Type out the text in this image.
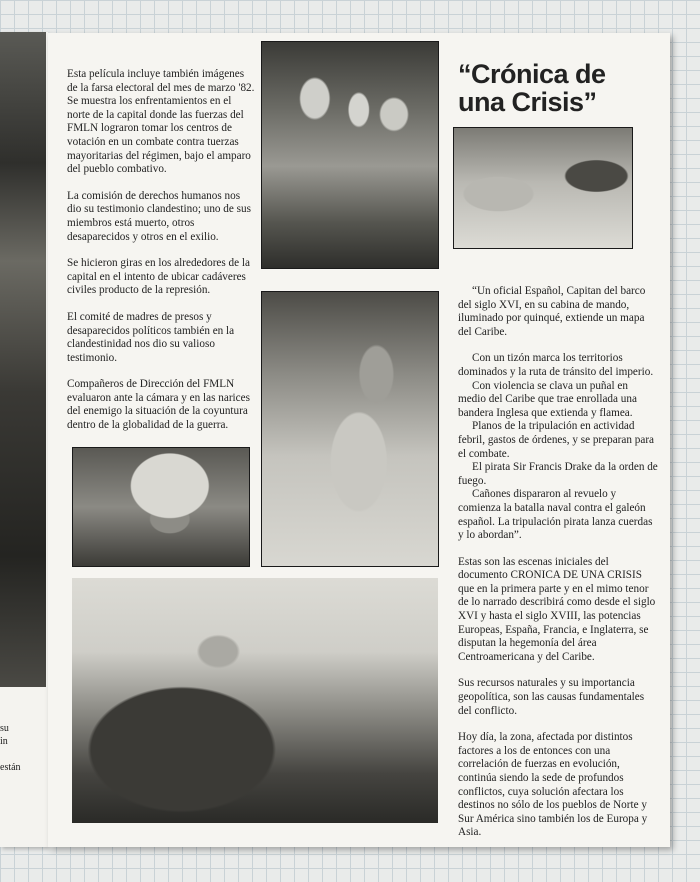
su
in

están

Esta película incluye también imágenes de la farsa electoral del mes de marzo '82. Se muestra los enfrentamientos en el norte de la capital donde las fuerzas del FMLN lograron tomar los centros de votación en un combate contra tuerzas mayoritarias del régimen, bajo el amparo del pueblo combativo.

La comisión de derechos humanos nos dio su testimonio clandestino; uno de sus miembros está muerto, otros desaparecidos y otros en el exilio.

Se hicieron giras en los alrededores de la capital en el intento de ubicar cadáveres civiles producto de la represión.

El comité de madres de presos y desaparecidos políticos también en la clandestinidad nos dio su valioso testimonio.

Compañeros de Dirección del FMLN evaluaron ante la cámara y en las narices del enemigo la situación de la coyuntura dentro de la globalidad de la guerra.

“Crónica de
una Crisis”

“Un oficial Español, Capitan del barco del siglo XVI, en su cabina de mando, iluminado por quinqué, extiende un mapa del Caribe.

Con un tizón marca los territorios dominados y la ruta de tránsito del imperio.

Con violencia se clava un puñal en medio del Caribe que trae enrollada una bandera Inglesa que extienda y flamea.

Planos de la tripulación en actividad febril, gastos de órdenes, y se preparan para el combate.

El pirata Sir Francis Drake da la orden de fuego.

Cañones dispararon al revuelo y comienza la batalla naval contra el galeón español. La tripulación pirata lanza cuerdas y lo abordan”.

Estas son las escenas iniciales del documento CRONICA DE UNA CRISIS que en la primera parte y en el mimo tenor de lo narrado describirá como desde el siglo XVI y hasta el siglo XVIII, las potencias Europeas, España, Francia, e Inglaterra, se disputan la hegemonía del área Centroamericana y del Caribe.

Sus recursos naturales y su importancia geopolítica, son las causas fundamentales del conflicto.

Hoy día, la zona, afectada por distintos factores a los de entonces con una correlación de fuerzas en evolución, continúa siendo la sede de profundos conflictos, cuya solución afectara los destinos no sólo de los pueblos de Norte y Sur América sino también los de Europa y Asia.
